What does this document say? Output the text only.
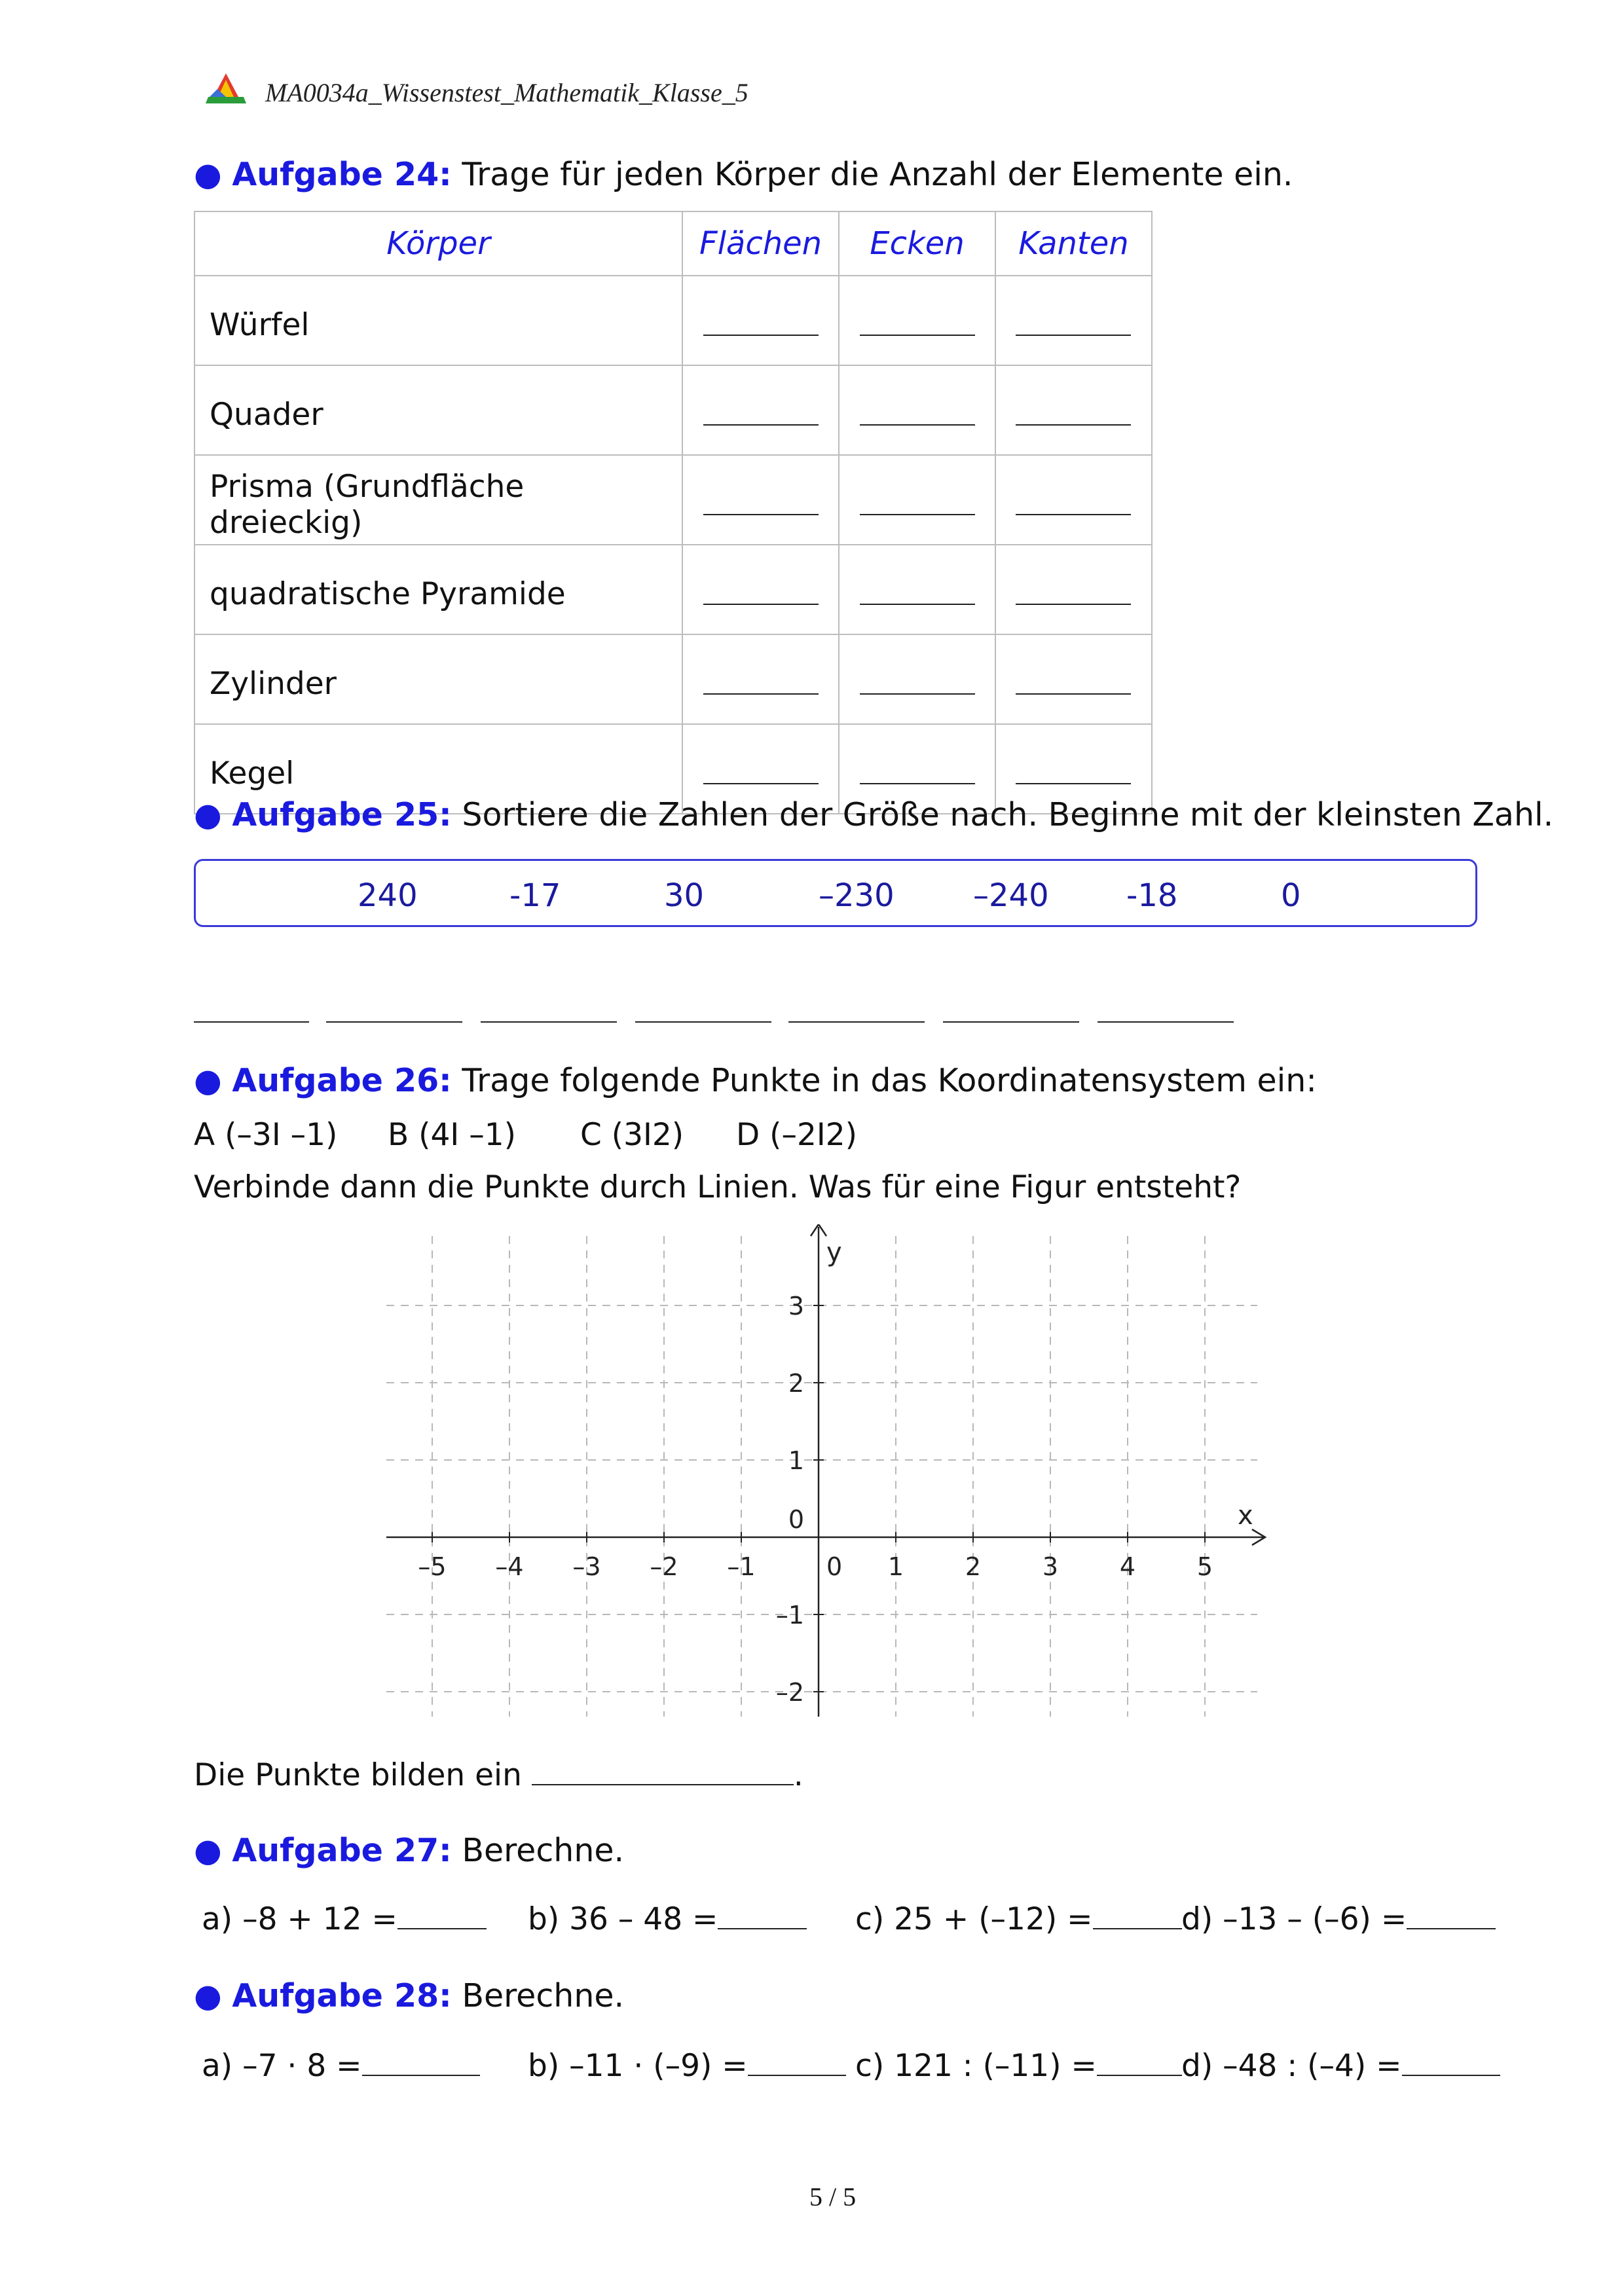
MA0034a_Wissenstest_Mathematik_Klasse_5
● Aufgabe 24: Trage für jeden Körper die Anzahl der Elemente ein.
Körper	Flächen	Ecken	Kanten
Würfel	

Quader	

Prisma (Grundfläche dreieckig)	

quadratische Pyramide	

Zylinder	

Kegel	

● Aufgabe 25: Sortiere die Zahlen der Größe nach. Beginne mit der kleinsten Zahl.
240	-17	30	–230	–240 -18	0
● Aufgabe 26: Trage folgende Punkte in das Koordinatensystem ein:
A (–3I –1) B (4I –1) C (3I2) D (–2I2)
Verbinde dann die Punkte durch Linien. Was für eine Figur entsteht?
x
y
–5 –4 –3 –2 –1	0 1 2 3 4 5
–2
–1
0
1
2
3
Die Punkte bilden ein	.
● Aufgabe 27: Berechne.
a) –8 + 12 =	b) 36 – 48 =	c) 25 + (–12) =	d) –13 – (–6) =
● Aufgabe 28: Berechne.
a) –7 · 8 =	b) –11 · (–9) =	c) 121 : (–11) =	d) –48 : (–4) =
5 / 5
